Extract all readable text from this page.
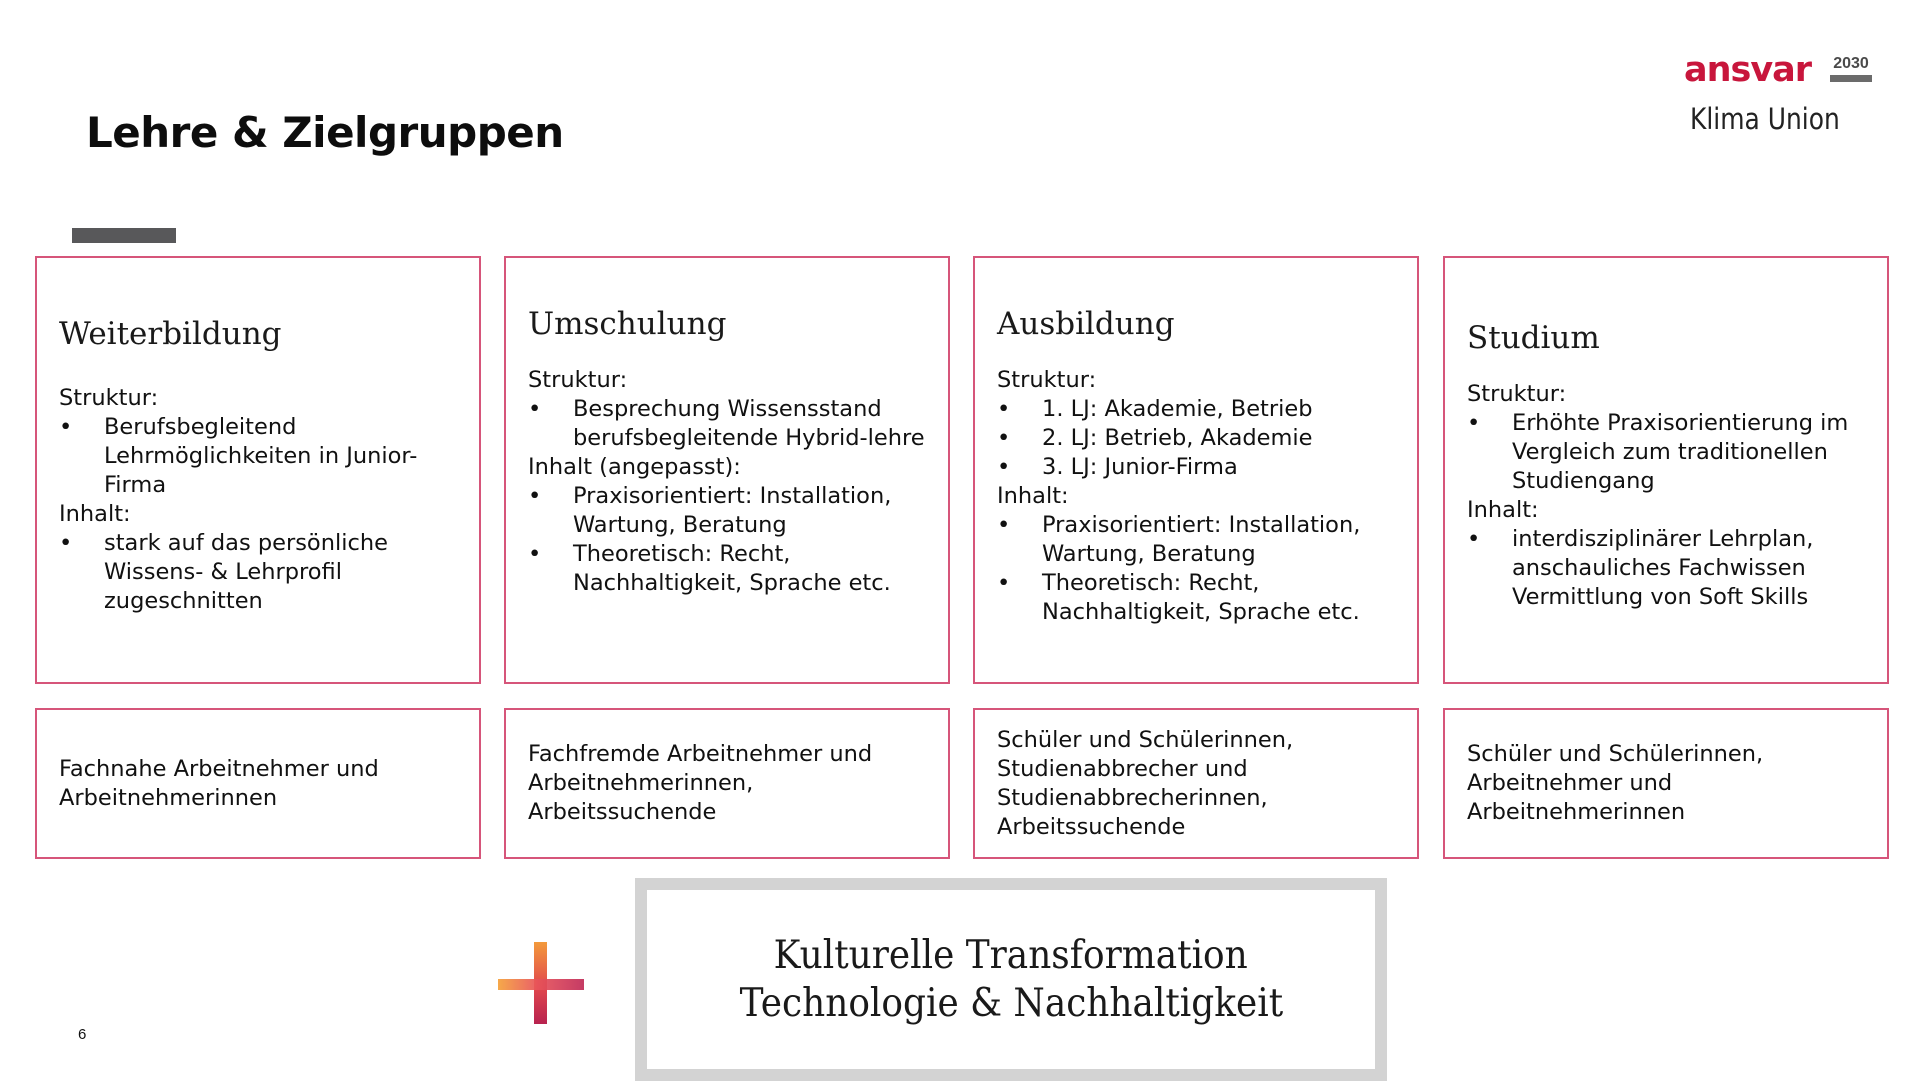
Lehre & Zielgruppen
ansvar 2030
Klima Union
Weiterbildung
Struktur:
• Berufsbegleitend Lehrmöglichkeiten in Junior-Firma
Inhalt:
• stark auf das persönliche Wissens- & Lehrprofil zugeschnitten
Umschulung
Struktur:
• Besprechung Wissensstand berufsbegleitende Hybrid-lehre
Inhalt (angepasst):
• Praxisorientiert: Installation, Wartung, Beratung
• Theoretisch: Recht, Nachhaltigkeit, Sprache etc.
Ausbildung
Struktur:
• 1. LJ: Akademie, Betrieb
• 2. LJ: Betrieb, Akademie
• 3. LJ: Junior-Firma
Inhalt:
• Praxisorientiert: Installation, Wartung, Beratung
• Theoretisch: Recht, Nachhaltigkeit, Sprache etc.
Studium
Struktur:
• Erhöhte Praxisorientierung im Vergleich zum traditionellen Studiengang
Inhalt:
• interdisziplinärer Lehrplan, anschauliches Fachwissen Vermittlung von Soft Skills
Fachnahe Arbeitnehmer und Arbeitnehmerinnen
Fachfremde Arbeitnehmer und Arbeitnehmerinnen, Arbeitssuchende
Schüler und Schülerinnen, Studienabbrecher und Studienabbrecherinnen, Arbeitssuchende
Schüler und Schülerinnen, Arbeitnehmer und Arbeitnehmerinnen
Kulturelle Transformation
Technologie & Nachhaltigkeit
6
